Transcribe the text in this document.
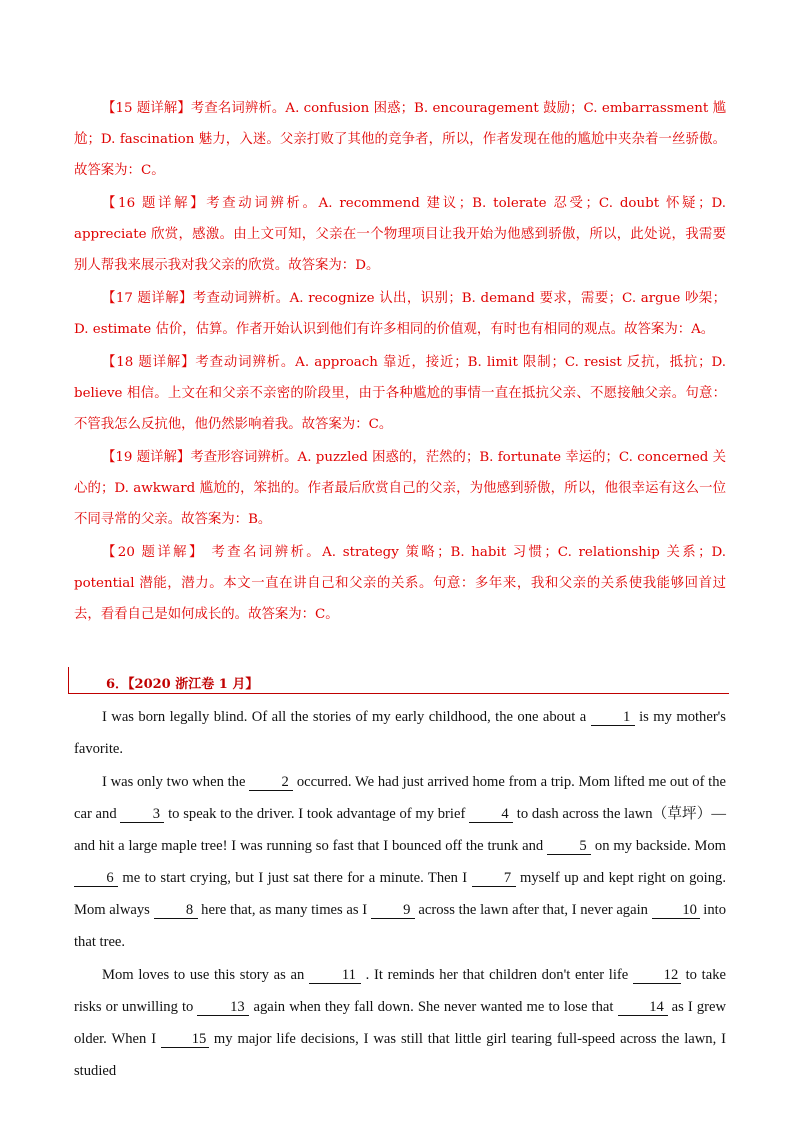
【15 题详解】考查名词辨析。A. confusion 困惑；B. encouragement 鼓励；C. embarrassment 尴尬；D. fascination 魅力，入迷。父亲打败了其他的竞争者，所以，作者发现在他的尴尬中夹杂着一丝骄傲。故答案为：C。

【16 题详解】考查动词辨析。A. recommend 建议；B. tolerate 忍受；C. doubt 怀疑；D. appreciate 欣赏，感激。由上文可知，父亲在一个物理项目让我开始为他感到骄傲，所以，此处说，我需要别人帮我来展示我对我父亲的欣赏。故答案为：D。

【17 题详解】考查动词辨析。A. recognize 认出，识别；B. demand 要求，需要；C. argue 吵架；D. estimate 估价，估算。作者开始认识到他们有许多相同的价值观，有时也有相同的观点。故答案为：A。

【18 题详解】考查动词辨析。A. approach 靠近，接近；B. limit 限制；C. resist 反抗，抵抗；D. believe 相信。上文在和父亲不亲密的阶段里，由于各种尴尬的事情一直在抵抗父亲、不愿接触父亲。句意：不管我怎么反抗他，他仍然影响着我。故答案为：C。

【19 题详解】考查形容词辨析。A. puzzled 困惑的，茫然的；B. fortunate 幸运的；C. concerned 关心的；D. awkward 尴尬的，笨拙的。作者最后欣赏自己的父亲，为他感到骄傲，所以，他很幸运有这么一位不同寻常的父亲。故答案为：B。

【20 题详解】 考查名词辨析。A. strategy 策略；B. habit 习惯；C. relationship 关系；D. potential 潜能，潜力。本文一直在讲自己和父亲的关系。句意：多年来，我和父亲的关系使我能够回首过去，看看自己是如何成长的。故答案为：C。

6．【2020 浙江卷 1 月】

I was born legally blind. Of all the stories of my early childhood, the one about a 1 is my mother's favorite.

I was only two when the 2 occurred. We had just arrived home from a trip. Mom lifted me out of the car and 3 to speak to the driver. I took advantage of my brief 4 to dash across the lawn（草坪）—and hit a large maple tree! I was running so fast that I bounced off the trunk and 5 on my backside. Mom 6 me to start crying, but I just sat there for a minute. Then I 7 myself up and kept right on going. Mom always 8 here that, as many times as I 9 across the lawn after that, I never again 10 into that tree.

Mom loves to use this story as an 11 . It reminds her that children don't enter life 12 to take risks or unwilling to 13 again when they fall down. She never wanted me to lose that 14 as I grew older. When I 15 my major life decisions, I was still that little girl tearing full-speed across the lawn, I studied
